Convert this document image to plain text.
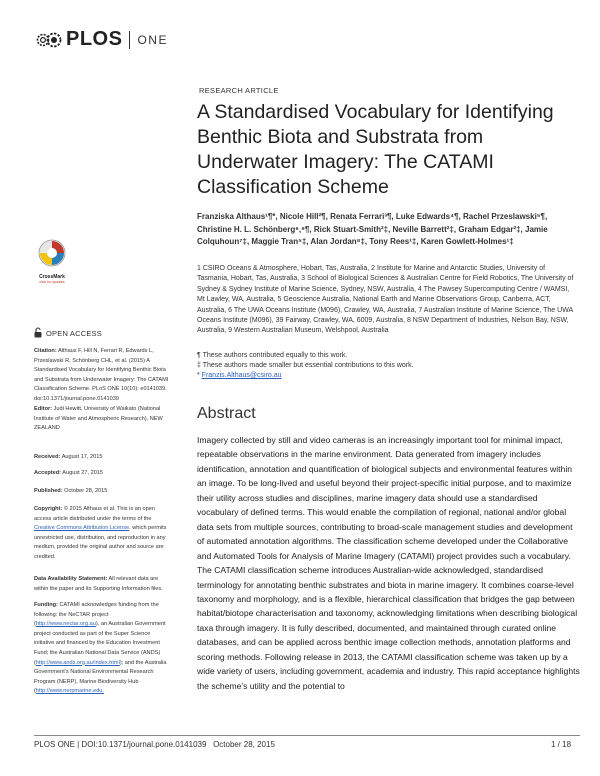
PLOS ONE
RESEARCH ARTICLE
A Standardised Vocabulary for Identifying Benthic Biota and Substrata from Underwater Imagery: The CATAMI Classification Scheme
Franziska Althaus¹¶*, Nicole Hill²¶, Renata Ferrari³¶, Luke Edwards⁴¶, Rachel Przeslawski⁵¶, Christine H. L. Schönberg⁶,⁹¶, Rick Stuart-Smith²‡, Neville Barrett²‡, Graham Edgar²‡, Jamie Colquhoun⁷‡, Maggie Tran⁵‡, Alan Jordan⁸‡, Tony Rees¹‡, Karen Gowlett-Holmes¹‡
1 CSIRO Oceans & Atmosphere, Hobart, Tas, Australia, 2 Institute for Marine and Antarctic Studies, University of Tasmania, Hobart, Tas, Australia, 3 School of Biological Sciences & Australian Centre for Field Robotics, The University of Sydney & Sydney Institute of Marine Science, Sydney, NSW, Australia, 4 The Pawsey Supercomputing Centre / WAMSI, Mt Lawley, WA, Australia, 5 Geoscience Australia, National Earth and Marine Observations Group, Canberra, ACT, Australia, 6 The UWA Oceans Institute (M096), Crawley, WA, Australia, 7 Australian Institute of Marine Science, The UWA Oceans Institute (M096), 39 Fairway, Crawley, WA, 6009, Australia, 8 NSW Department of Industries, Nelson Bay, NSW, Australia, 9 Western Australian Museum, Welshpool, Australia
¶ These authors contributed equally to this work.
‡ These authors made smaller but essential contributions to this work.
* Franzis.Althaus@csiro.au
Abstract
Imagery collected by still and video cameras is an increasingly important tool for minimal impact, repeatable observations in the marine environment. Data generated from imagery includes identification, annotation and quantification of biological subjects and environmental features within an image. To be long-lived and useful beyond their project-specific initial purpose, and to maximize their utility across studies and disciplines, marine imagery data should use a standardised vocabulary of defined terms. This would enable the compilation of regional, national and/or global data sets from multiple sources, contributing to broad-scale management studies and development of automated annotation algorithms. The classification scheme developed under the Collaborative and Automated Tools for Analysis of Marine Imagery (CATAMI) project provides such a vocabulary. The CATAMI classification scheme introduces Australian-wide acknowledged, standardised terminology for annotating benthic substrates and biota in marine imagery. It combines coarse-level taxonomy and morphology, and is a flexible, hierarchical classification that bridges the gap between habitat/biotope characterisation and taxonomy, acknowledging limitations when describing biological taxa through imagery. It is fully described, documented, and maintained through curated online databases, and can be applied across benthic image collection methods, annotation platforms and scoring methods. Following release in 2013, the CATAMI classification scheme was taken up by a wide variety of users, including government, academia and industry. This rapid acceptance highlights the scheme's utility and the potential to
CrossMark
click for updates
OPEN ACCESS
Citation: Althaus F, Hill N, Ferrari R, Edwards L, Przeslawski R, Schönberg CHL, et al. (2015) A Standardised Vocabulary for Identifying Benthic Biota and Substrata from Underwater Imagery: The CATAMI Classification Scheme. PLoS ONE 10(10): e0141039. doi:10.1371/journal.pone.0141039
Editor: Judi Hewitt, University of Waikato (National Institute of Water and Atmospheric Research), NEW ZEALAND
Received: August 17, 2015
Accepted: August 27, 2015
Published: October 28, 2015
Copyright: © 2015 Althaus et al. This is an open access article distributed under the terms of the Creative Commons Attribution License, which permits unrestricted use, distribution, and reproduction in any medium, provided the original author and source are credited.
Data Availability Statement: All relevant data are within the paper and its Supporting Information files.
Funding: CATAMI acknowledges funding from the following: the NeCTAR project (http://www.nectar.org.au), an Australian Government project conducted as part of the Super Science initiative and financed by the Education Investment Fund; the Australian National Data Service (ANDS) (http://www.ands.org.au/index.html); and the Australia Government's National Environmental Research Program (NERP), Marine Biodiversity Hub (http://www.nerpmarine.edu.
PLOS ONE | DOI:10.1371/journal.pone.0141039   October 28, 2015	1 / 18
